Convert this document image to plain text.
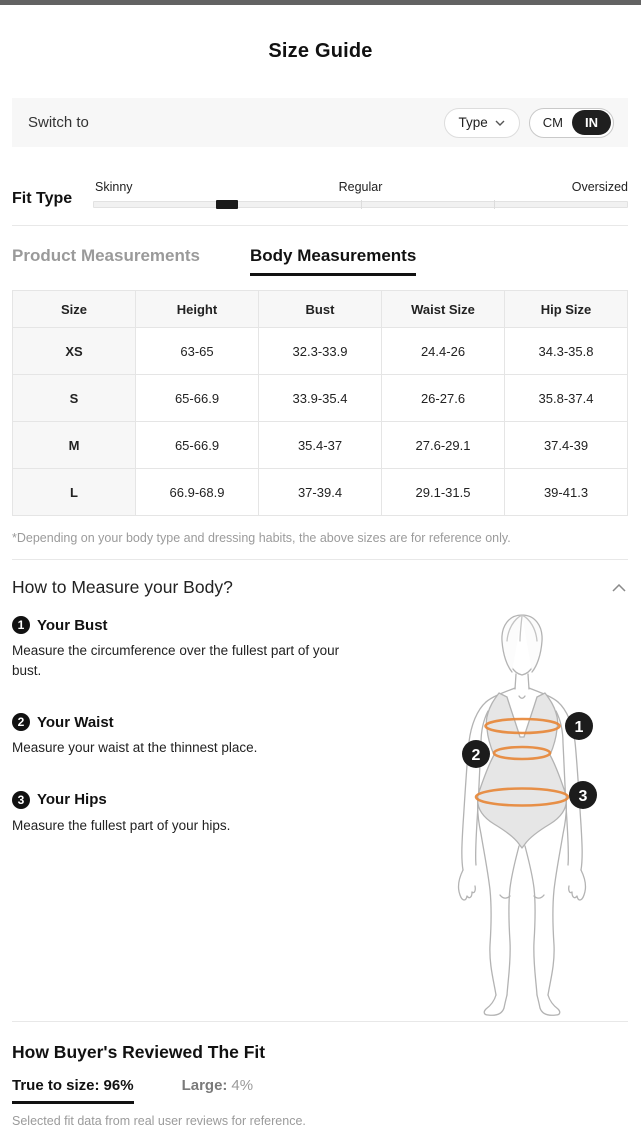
Size Guide
Switch to	Type	CM	IN
Fit Type
Skinny	Regular	Oversized
Product Measurements	Body Measurements
Size	Height	Bust	Waist Size	Hip Size
XS	63-65	32.3-33.9	24.4-26	34.3-35.8
S	65-66.9	33.9-35.4	26-27.6	35.8-37.4
M	65-66.9	35.4-37	27.6-29.1	37.4-39
L	66.9-68.9	37-39.4	29.1-31.5	39-41.3

*Depending on your body type and dressing habits, the above sizes are for reference only.

How to Measure your Body?
1 Your Bust

Measure the circumference over the fullest part of your bust.

2 Your Waist

Measure your waist at the thinnest place.

3 Your Hips

Measure the fullest part of your hips.

1
2
3
How Buyer's Reviewed The Fit
True to size: 96%	Large: 4%

Selected fit data from real user reviews for reference.
